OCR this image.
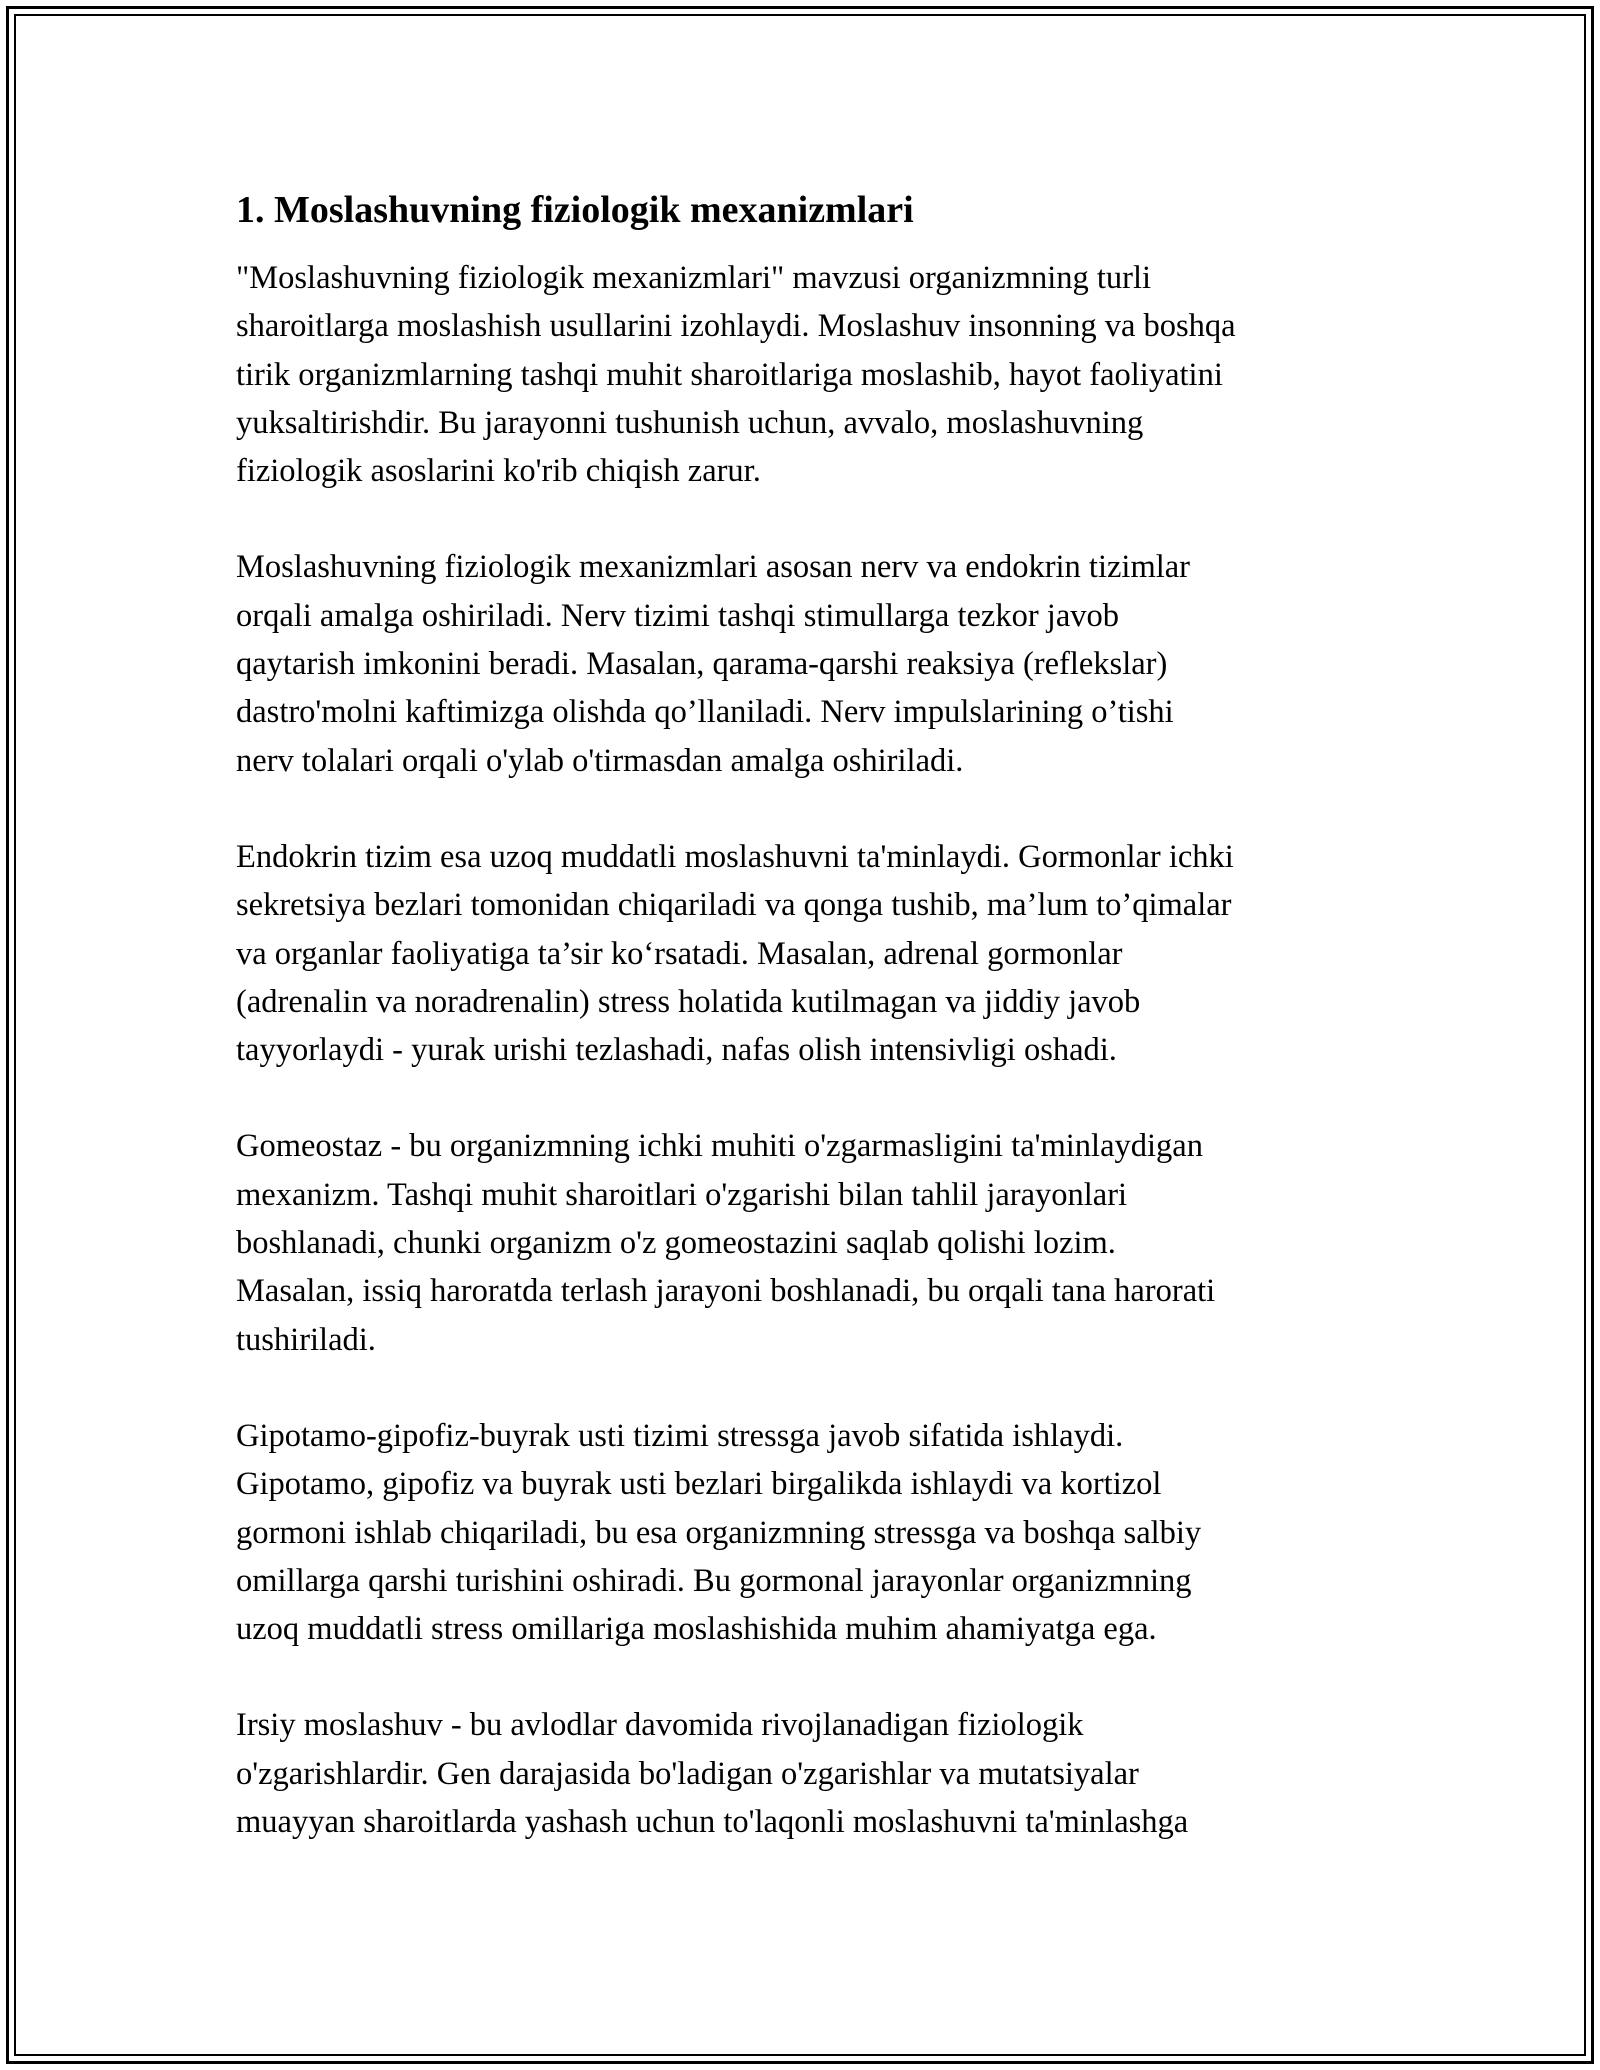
1. Moslashuvning fiziologik mexanizmlari

"Moslashuvning fiziologik mexanizmlari" mavzusi organizmning turli
sharoitlarga moslashish usullarini izohlaydi. Moslashuv insonning va boshqa
tirik organizmlarning tashqi muhit sharoitlariga moslashib, hayot faoliyatini
yuksaltirishdir. Bu jarayonni tushunish uchun, avvalo, moslashuvning
fiziologik asoslarini ko'rib chiqish zarur.

Moslashuvning fiziologik mexanizmlari asosan nerv va endokrin tizimlar
orqali amalga oshiriladi. Nerv tizimi tashqi stimullarga tezkor javob
qaytarish imkonini beradi. Masalan, qarama-qarshi reaksiya (reflekslar)
dastro'molni kaftimizga olishda qo’llaniladi. Nerv impulslarining o’tishi
nerv tolalari orqali o'ylab o'tirmasdan amalga oshiriladi.

Endokrin tizim esa uzoq muddatli moslashuvni ta'minlaydi. Gormonlar ichki
sekretsiya bezlari tomonidan chiqariladi va qonga tushib, ma’lum to’qimalar
va organlar faoliyatiga ta’sir ko‘rsatadi. Masalan, adrenal gormonlar
(adrenalin va noradrenalin) stress holatida kutilmagan va jiddiy javob
tayyorlaydi - yurak urishi tezlashadi, nafas olish intensivligi oshadi.

Gomeostaz - bu organizmning ichki muhiti o'zgarmasligini ta'minlaydigan
mexanizm. Tashqi muhit sharoitlari o'zgarishi bilan tahlil jarayonlari
boshlanadi, chunki organizm o'z gomeostazini saqlab qolishi lozim.
Masalan, issiq haroratda terlash jarayoni boshlanadi, bu orqali tana harorati
tushiriladi.

Gipotamo-gipofiz-buyrak usti tizimi stressga javob sifatida ishlaydi.
Gipotamo, gipofiz va buyrak usti bezlari birgalikda ishlaydi va kortizol
gormoni ishlab chiqariladi, bu esa organizmning stressga va boshqa salbiy
omillarga qarshi turishini oshiradi. Bu gormonal jarayonlar organizmning
uzoq muddatli stress omillariga moslashishida muhim ahamiyatga ega.

Irsiy moslashuv - bu avlodlar davomida rivojlanadigan fiziologik
o'zgarishlardir. Gen darajasida bo'ladigan o'zgarishlar va mutatsiyalar
muayyan sharoitlarda yashash uchun to'laqonli moslashuvni ta'minlashga
